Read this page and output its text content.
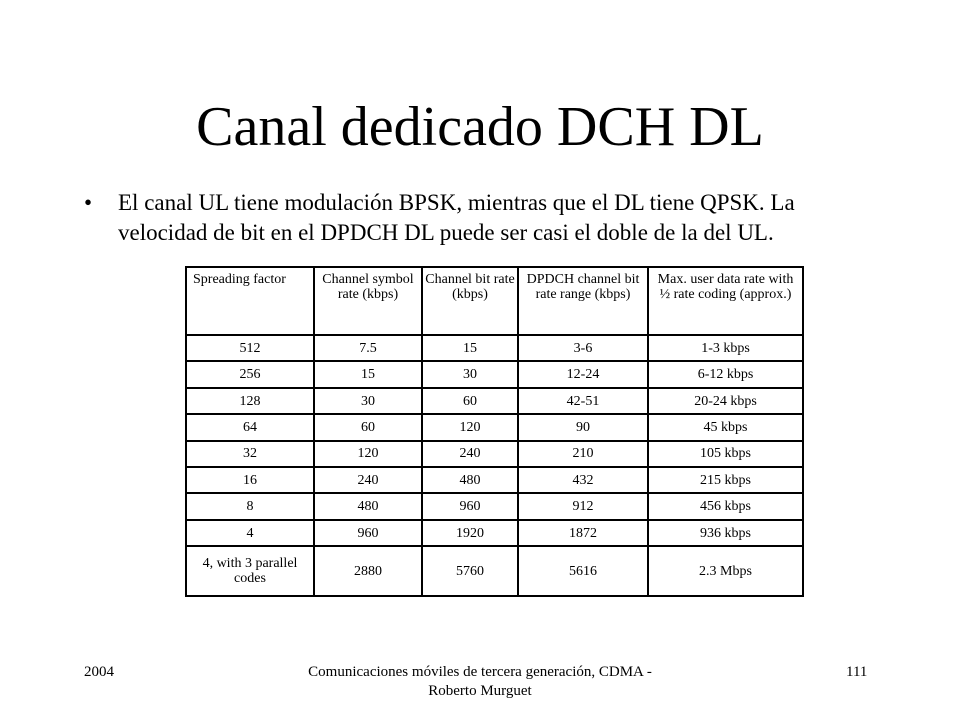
Canal dedicado DCH DL
• El canal UL tiene modulación BPSK, mientras que el DL tiene QPSK. La velocidad de bit en el DPDCH DL puede ser casi el doble de la del UL.
Spreading factor	Channel symbol rate (kbps)	Channel bit rate (kbps)	DPDCH channel bit rate range (kbps)	Max. user data rate with ½ rate coding (approx.)
512	7.5	15	3-6	1-3 kbps
256	15	30	12-24	6-12 kbps
128	30	60	42-51	20-24 kbps
64	60	120	90	45 kbps
32	120	240	210	105 kbps
16	240	480	432	215 kbps
8	480	960	912	456 kbps
4	960	1920	1872	936 kbps
4, with 3 parallel codes	2880	5760	5616	2.3 Mbps
2004	Comunicaciones móviles de tercera generación, CDMA - Roberto Murguet
111
